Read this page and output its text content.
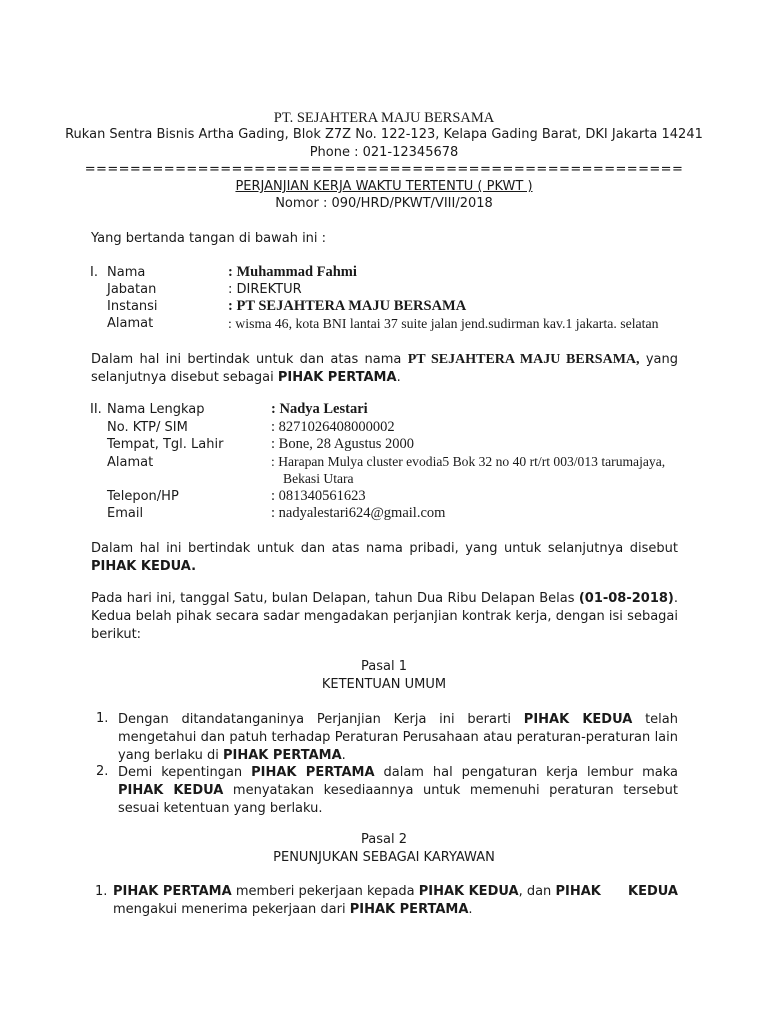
PT. SEJAHTERA MAJU BERSAMA
Rukan Sentra Bisnis Artha Gading, Blok Z7Z No. 122-123, Kelapa Gading Barat, DKI Jakarta 14241
Phone : 021-12345678
=====================================================
PERJANJIAN KERJA WAKTU TERTENTU ( PKWT )
Nomor : 090/HRD/PKWT/VIII/2018
Yang bertanda tangan di bawah ini :
I. Nama	: Muhammad Fahmi
Jabatan	: DIREKTUR
Instansi	: PT SEJAHTERA MAJU BERSAMA
Alamat	: wisma 46, kota BNI lantai 37 suite jalan jend.sudirman kav.1 jakarta. selatan
Dalam hal ini bertindak untuk dan atas nama PT SEJAHTERA MAJU BERSAMA, yang selanjutnya disebut sebagai PIHAK PERTAMA.
II. Nama Lengkap	: Nadya Lestari
No. KTP/ SIM	: 8271026408000002
Tempat, Tgl. Lahir	: Bone, 28 Agustus 2000
Alamat	: Harapan Mulya cluster evodia5 Bok 32 no 40 rt/rt 003/013 tarumajaya,
Bekasi Utara
Telepon/HP	: 081340561623
Email	: nadyalestari624@gmail.com
Dalam hal ini bertindak untuk dan atas nama pribadi, yang untuk selanjutnya disebut PIHAK KEDUA.
Pada hari ini, tanggal Satu, bulan Delapan, tahun Dua Ribu Delapan Belas (01-08-2018). Kedua belah pihak secara sadar mengadakan perjanjian kontrak kerja, dengan isi sebagai berikut:
Pasal 1
KETENTUAN UMUM
1. Dengan ditandatanganinya Perjanjian Kerja ini berarti PIHAK KEDUA telah mengetahui dan patuh terhadap Peraturan Perusahaan atau peraturan-peraturan lain yang berlaku di PIHAK PERTAMA.
2. Demi kepentingan PIHAK PERTAMA dalam hal pengaturan kerja lembur maka PIHAK KEDUA menyatakan kesediaannya untuk memenuhi peraturan tersebut sesuai ketentuan yang berlaku.
Pasal 2
PENUNJUKAN SEBAGAI KARYAWAN
1. PIHAK PERTAMA memberi pekerjaan kepada PIHAK KEDUA, dan PIHAK KEDUA
mengakui menerima pekerjaan dari PIHAK PERTAMA.
